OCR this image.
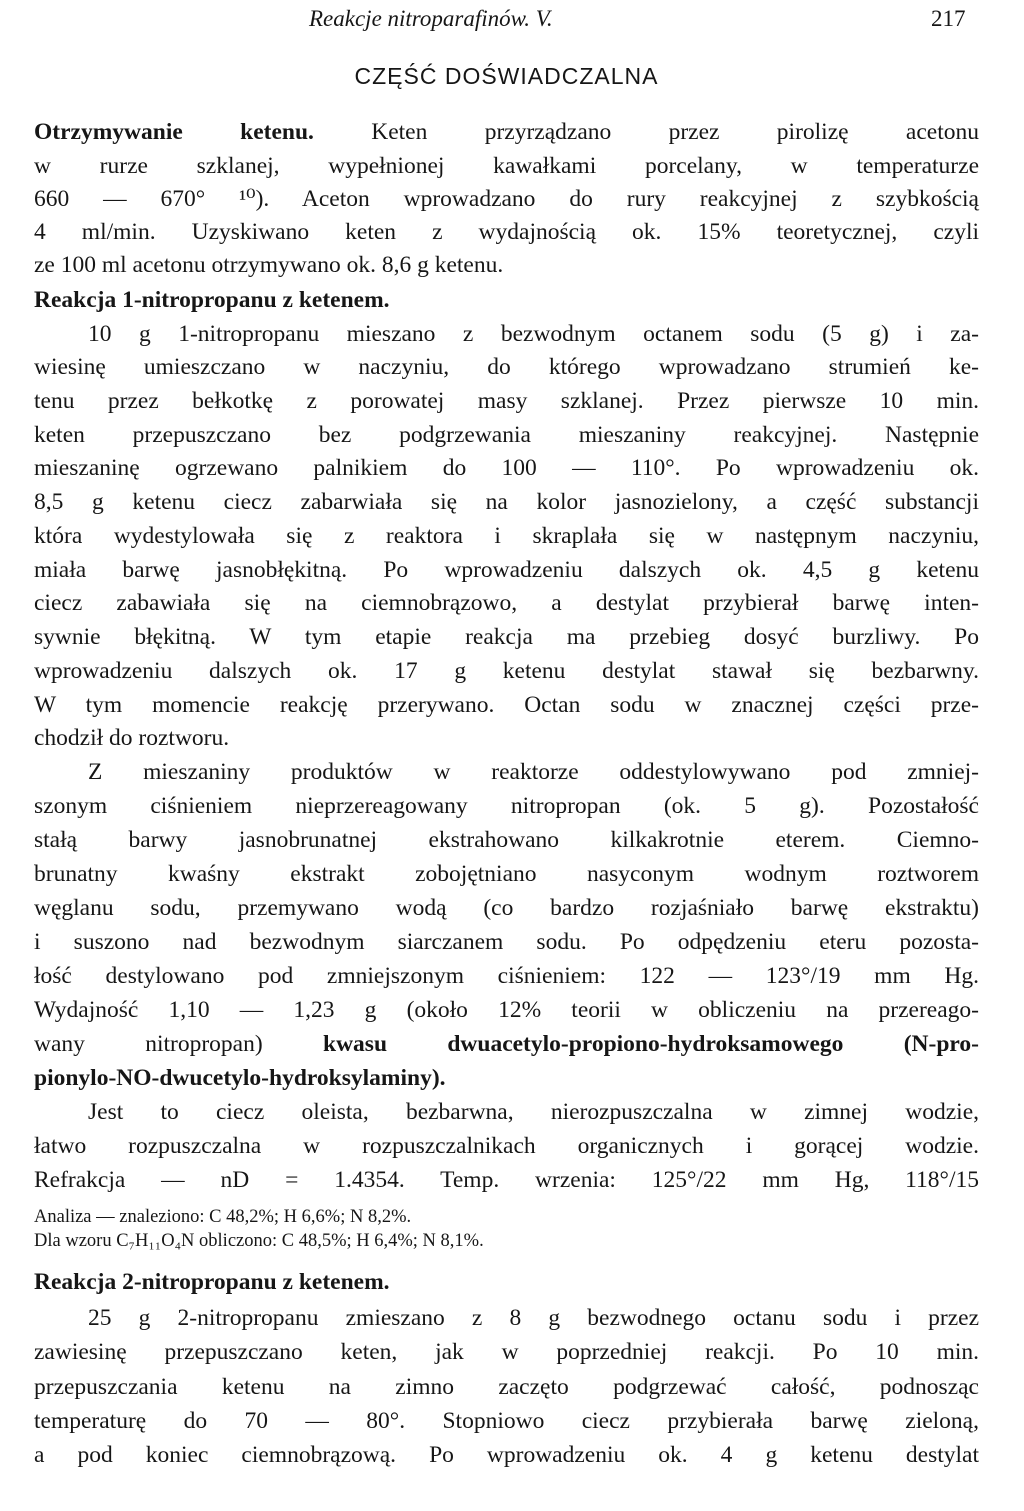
Reakcje nitroparafinów. V.	217
CZĘŚĆ DOŚWIADCZALNA
Otrzymywanie ketenu. Keten przyrządzano przez pirolizę acetonu
w rurze szklanej, wypełnionej kawałkami porcelany, w temperaturze
660 — 670° ¹⁰). Aceton wprowadzano do rury reakcyjnej z szybkością
4 ml/min. Uzyskiwano keten z wydajnością ok. 15% teoretycznej, czyli
ze 100 ml acetonu otrzymywano ok. 8,6 g ketenu.
Reakcja 1-nitropropanu z ketenem.
10 g 1-nitropropanu mieszano z bezwodnym octanem sodu (5 g) i za-
wiesinę umieszczano w naczyniu, do którego wprowadzano strumień ke-
tenu przez bełkotkę z porowatej masy szklanej. Przez pierwsze 10 min.
keten przepuszczano bez podgrzewania mieszaniny reakcyjnej. Następnie
mieszaninę ogrzewano palnikiem do 100 — 110°. Po wprowadzeniu ok.
8,5 g ketenu ciecz zabarwiała się na kolor jasnozielony, a część substancji
która wydestylowała się z reaktora i skraplała się w następnym naczyniu,
miała barwę jasnobłękitną. Po wprowadzeniu dalszych ok. 4,5 g ketenu
ciecz zabawiała się na ciemnobrązowo, a destylat przybierał barwę inten-
sywnie błękitną. W tym etapie reakcja ma przebieg dosyć burzliwy. Po
wprowadzeniu dalszych ok. 17 g ketenu destylat stawał się bezbarwny.
W tym momencie reakcję przerywano. Octan sodu w znacznej części prze-
chodził do roztworu.
Z mieszaniny produktów w reaktorze oddestylowywano pod zmniej-
szonym ciśnieniem nieprzereagowany nitropropan (ok. 5 g). Pozostałość
stałą barwy jasnobrunatnej ekstrahowano kilkakrotnie eterem. Ciemno-
brunatny kwaśny ekstrakt zobojętniano nasyconym wodnym roztworem
węglanu sodu, przemywano wodą (co bardzo rozjaśniało barwę ekstraktu)
i suszono nad bezwodnym siarczanem sodu. Po odpędzeniu eteru pozosta-
łość destylowano pod zmniejszonym ciśnieniem: 122 — 123°/19 mm Hg.
Wydajność 1,10 — 1,23 g (około 12% teorii w obliczeniu na przereago-
wany nitropropan) kwasu dwuacetylo-propiono-hydroksamowego (N-pro-
pionylo-NO-dwucetylo-hydroksylaminy).
Jest to ciecz oleista, bezbarwna, nierozpuszczalna w zimnej wodzie,
łatwo rozpuszczalna w rozpuszczalnikach organicznych i gorącej wodzie.
Refrakcja — nD = 1.4354. Temp. wrzenia: 125°/22 mm Hg, 118°/15
Analiza — znaleziono: C 48,2%; H 6,6%; N 8,2%.
Dla wzoru C₇H₁₁O₄N obliczono: C 48,5%; H 6,4%; N 8,1%.
Reakcja 2-nitropropanu z ketenem.
25 g 2-nitropropanu zmieszano z 8 g bezwodnego octanu sodu i przez
zawiesinę przepuszczano keten, jak w poprzedniej reakcji. Po 10 min.
przepuszczania ketenu na zimno zaczęto podgrzewać całość, podnosząc
temperaturę do 70 — 80°. Stopniowo ciecz przybierała barwę zieloną,
a pod koniec ciemnobrązową. Po wprowadzeniu ok. 4 g ketenu destylat
